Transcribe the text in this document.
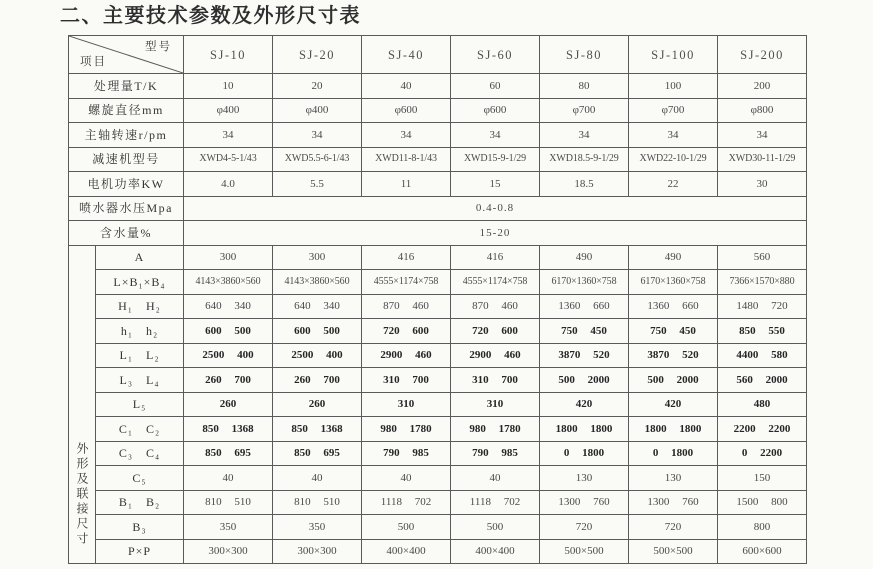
二、主要技术参数及外形尺寸表
型号
项目		SJ-10	SJ-20	SJ-40	SJ-60	SJ-80	SJ-100	SJ-200
处理量T/K		10	20	40	60	80	100	200
螺旋直径mm		φ400	φ400	φ600	φ600	φ700	φ700	φ800
主轴转速r/pm		34	34	34	34	34	34	34
减速机型号		XWD4-5-1/43	XWD5.5-6-1/43	XWD11-8-1/43	XWD15-9-1/29	XWD18.5-9-1/29	XWD22-10-1/29	XWD30-11-1/29
电机功率KW		4.0	5.5	11	15	18.5	22	30
喷水器水压Mpa		0.4-0.8						
含水量%		15-20						
外形及联接尺寸	A	300	300	416	416	490	490	560
	L×B₁×B₄	4143×3860×560	4143×3860×560	4555×1174×758	4555×1174×758	6170×1360×758	6170×1360×758	7366×1570×880
	H₁ H₂	640 340	640 340	870 460	870 460	1360 660	1360 660	1480 720
	h₁ h₂	600 500	600 500	720 600	720 600	750 450	750 450	850 550
	L₁ L₂	2500 400	2500 400	2900 460	2900 460	3870 520	3870 520	4400 580
	L₃ L₄	260 700	260 700	310 700	310 700	500 2000	500 2000	560 2000
	L₅	260	260	310	310	420	420	480
	C₁ C₂	850 1368	850 1368	980 1780	980 1780	1800 1800	1800 1800	2200 2200
	C₃ C₄	850 695	850 695	790 985	790 985	0 1800	0 1800	0 2200
	C₅	40	40	40	40	130	130	150
	B₁ B₂	810 510	810 510	1118 702	1118 702	1300 760	1300 760	1500 800
	B₃	350	350	500	500	720	720	800
	P×P	300×300	300×300	400×400	400×400	500×500	500×500	600×600
